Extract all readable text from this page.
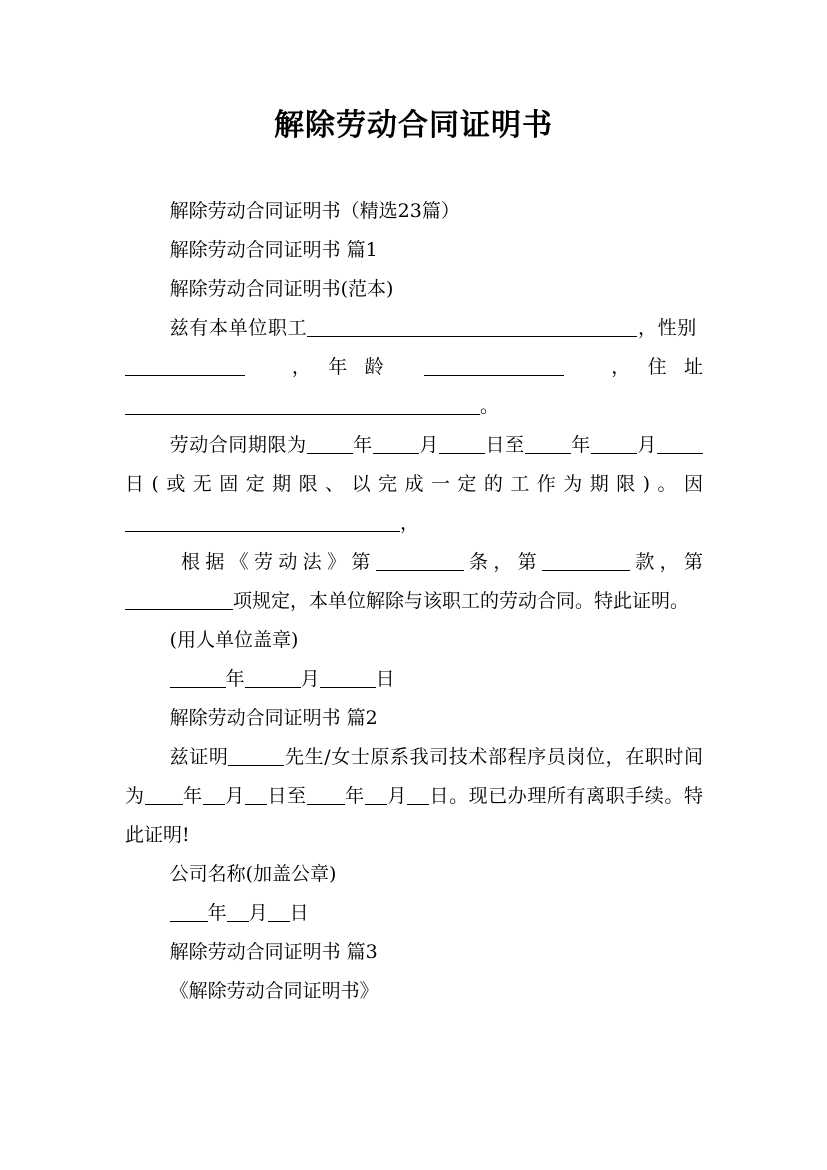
解除劳动合同证明书

解除劳动合同证明书（精选23篇）

解除劳动合同证明书 篇1

解除劳动合同证明书(范本)

兹有本单位职工	，性别   ，年龄	，住址 。

劳动合同期限为 年 月 日至 年 月日(或无固定期限、以完成一定的工作为期限)。因，

根据《劳动法》第	条，第	款，第项规定，本单位解除与该职工的劳动合同。特此证明。

(用人单位盖章)

年	月	日

解除劳动合同证明书 篇2

兹证明	先生/女士原系我司技术部程序员岗位，在职时间为 年 月 日至 年 月 日。现已办理所有离职手续。特此证明!

公司名称(加盖公章)

年 月 日

解除劳动合同证明书 篇3

《解除劳动合同证明书》
